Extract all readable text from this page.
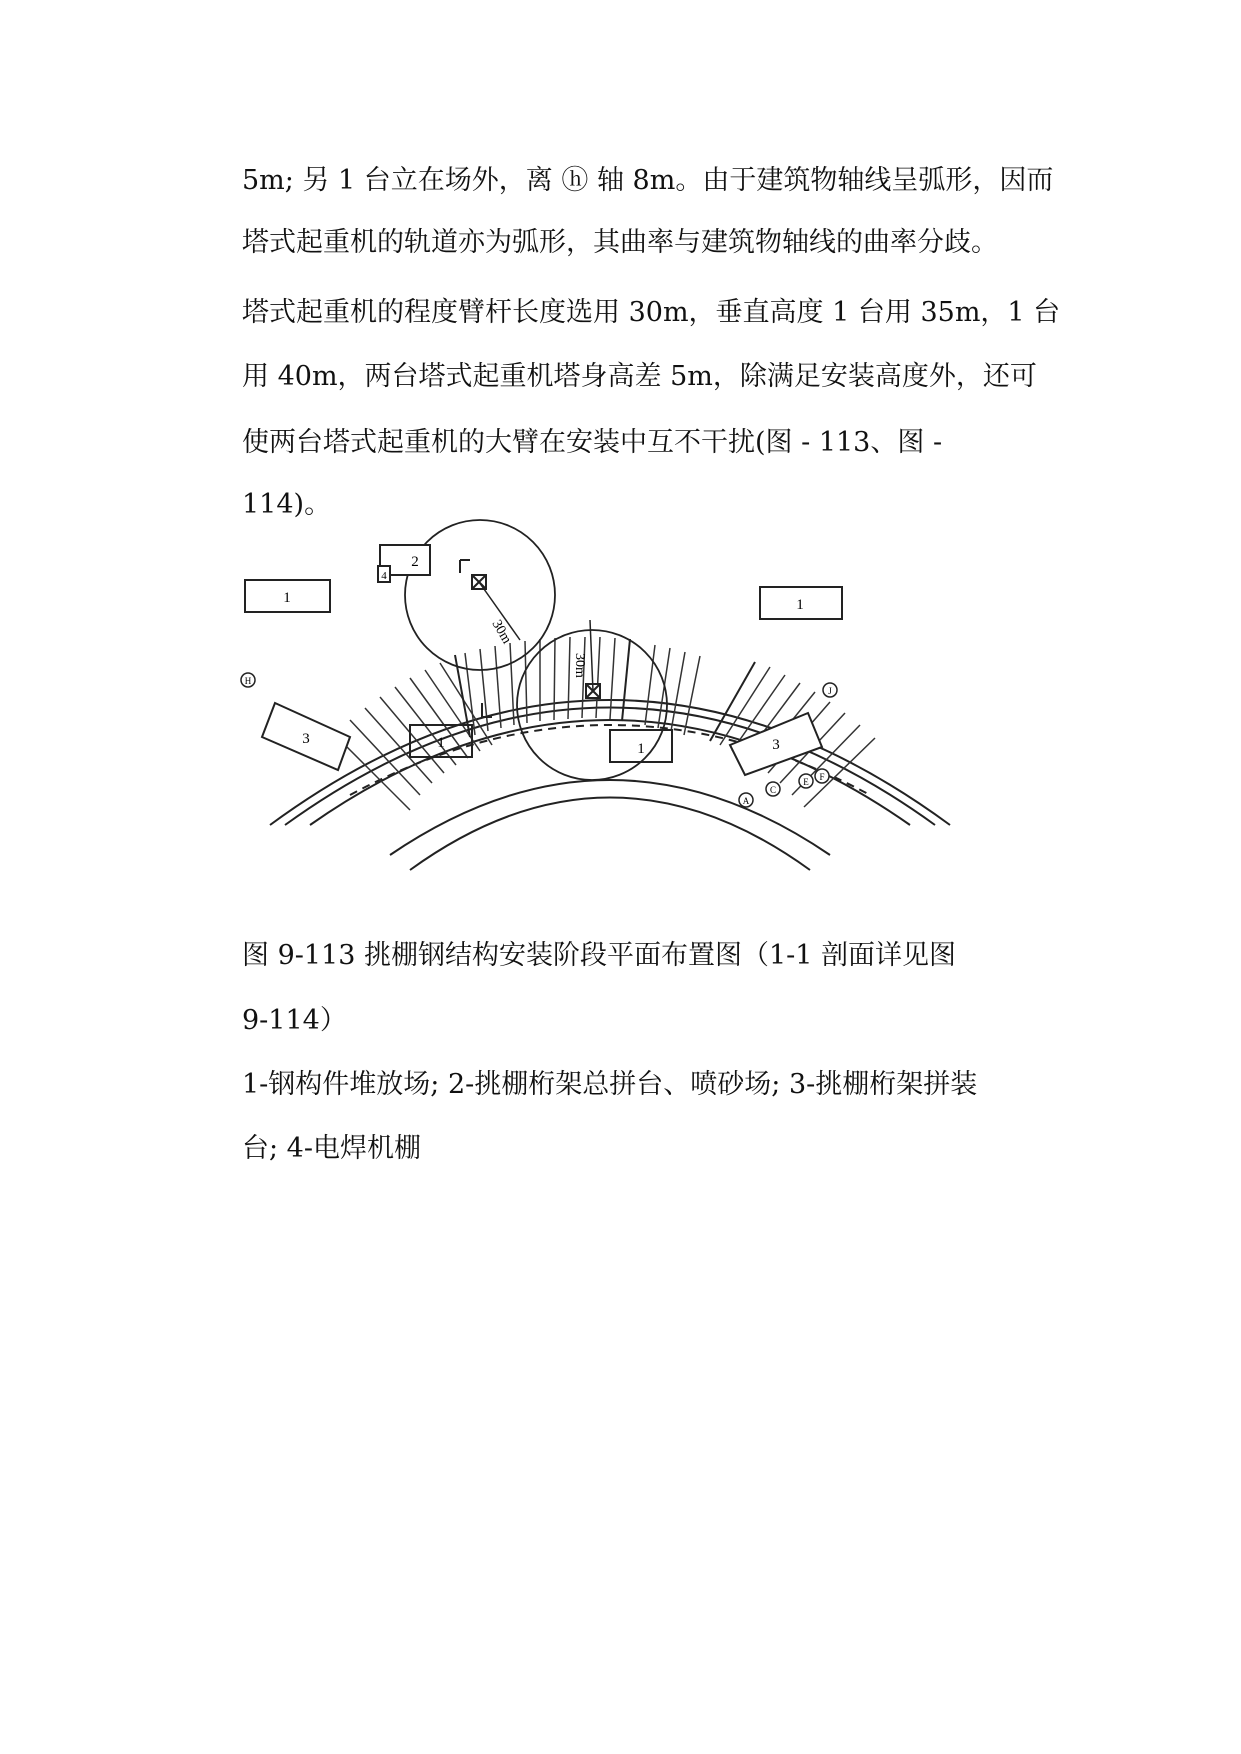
5m; 另 1 台立在场外，离 ⓗ 轴 8m。由于建筑物轴线呈弧形，因而
塔式起重机的轨道亦为弧形，其曲率与建筑物轴线的曲率分歧。
塔式起重机的程度臂杆长度选用 30m，垂直高度 1 台用 35m，1 台
用 40m，两台塔式起重机塔身高差 5m，除满足安装高度外，还可
使两台塔式起重机的大臂在安装中互不干扰(图 - 113、图 -
114)。
1	1
1	1
2
4
3	3
30m
30m
H
J
A
C
E F
图 9-113 挑棚钢结构安装阶段平面布置图（1-1 剖面详见图
9-114）
1-钢构件堆放场; 2-挑棚桁架总拼台、喷砂场; 3-挑棚桁架拼装
台; 4-电焊机棚
